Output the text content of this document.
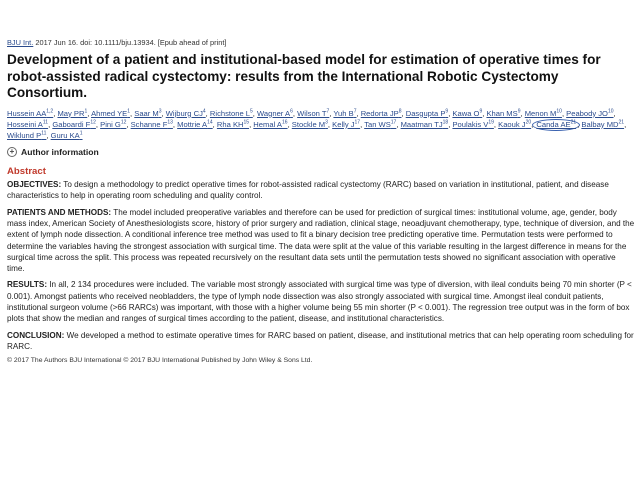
BJU Int. 2017 Jun 16. doi: 10.1111/bju.13934. [Epub ahead of print]
Development of a patient and institutional-based model for estimation of operative times for robot-assisted radical cystectomy: results from the International Robotic Cystectomy Consortium.
Hussein AA$^{1,2}$, May $PR^1$, Ahmed $YE^1$, Saar $M^3$, Wijburg $CJ^4$, Richstone $L^5$, Wagner $A^6$, Wilson $T^7$, Yuh $B^7$, Redorta $JP^8$, Dasgupta $P^9$, Kawa $O^9$, Khan $MS^9$, Menon $M^{10}$, Peabody JO$^{10}$, Hosseini $A^{11}$, Gaboardi $F^{12}$, Pini $G^{12}$, Schanne $F^{13}$, Mottrie $A^{14}$, Rha KH$^{15}$, Hemal $A^{16}$, Stockle $M^3$, Kelly $J^{17}$, Tan WS$^{17}$, Maatman TJ$^{18}$, Poulakis $V^{19}$, Kaouk $J^{20}$, Canda AE$^{21}$, Balbay MD$^{21}$, Wiklund $P^{11}$, Guru $KA^1$
+ Author information
Abstract

OBJECTIVES: To design a methodology to predict operative times for robot-assisted radical cystectomy (RARC) based on variation in institutional, patient, and disease characteristics to help in operating room scheduling and quality control.

PATIENTS AND METHODS: The model included preoperative variables and therefore can be used for prediction of surgical times: institutional volume, age, gender, body mass index, American Society of Anesthesiologists score, history of prior surgery and radiation, clinical stage, neoadjuvant chemotherapy, type, technique of diversion, and the extent of lymph node dissection. A conditional inference tree method was used to fit a binary decision tree predicting operative time. Permutation tests were performed to determine the variables having the strongest association with surgical time. The data were split at the value of this variable resulting in the largest difference in means for the surgical time across the split. This process was repeated recursively on the resultant data sets until the permutation tests showed no significant association with operative time.

RESULTS: In all, 2 134 procedures were included. The variable most strongly associated with surgical time was type of diversion, with ileal conduits being 70 min shorter (P < 0.001). Amongst patients who received neobladders, the type of lymph node dissection was also strongly associated with surgical time. Amongst ileal conduit patients, institutional surgeon volume (>66 RARCs) was important, with those with a higher volume being 55 min shorter (P < 0.001). The regression tree output was in the form of box plots that show the median and ranges of surgical times according to the patient, disease, and institutional characteristics.

CONCLUSION: We developed a method to estimate operative times for RARC based on patient, disease, and institutional metrics that can help operating room scheduling for RARC.

© 2017 The Authors BJU International © 2017 BJU International Published by John Wiley & Sons Ltd.
